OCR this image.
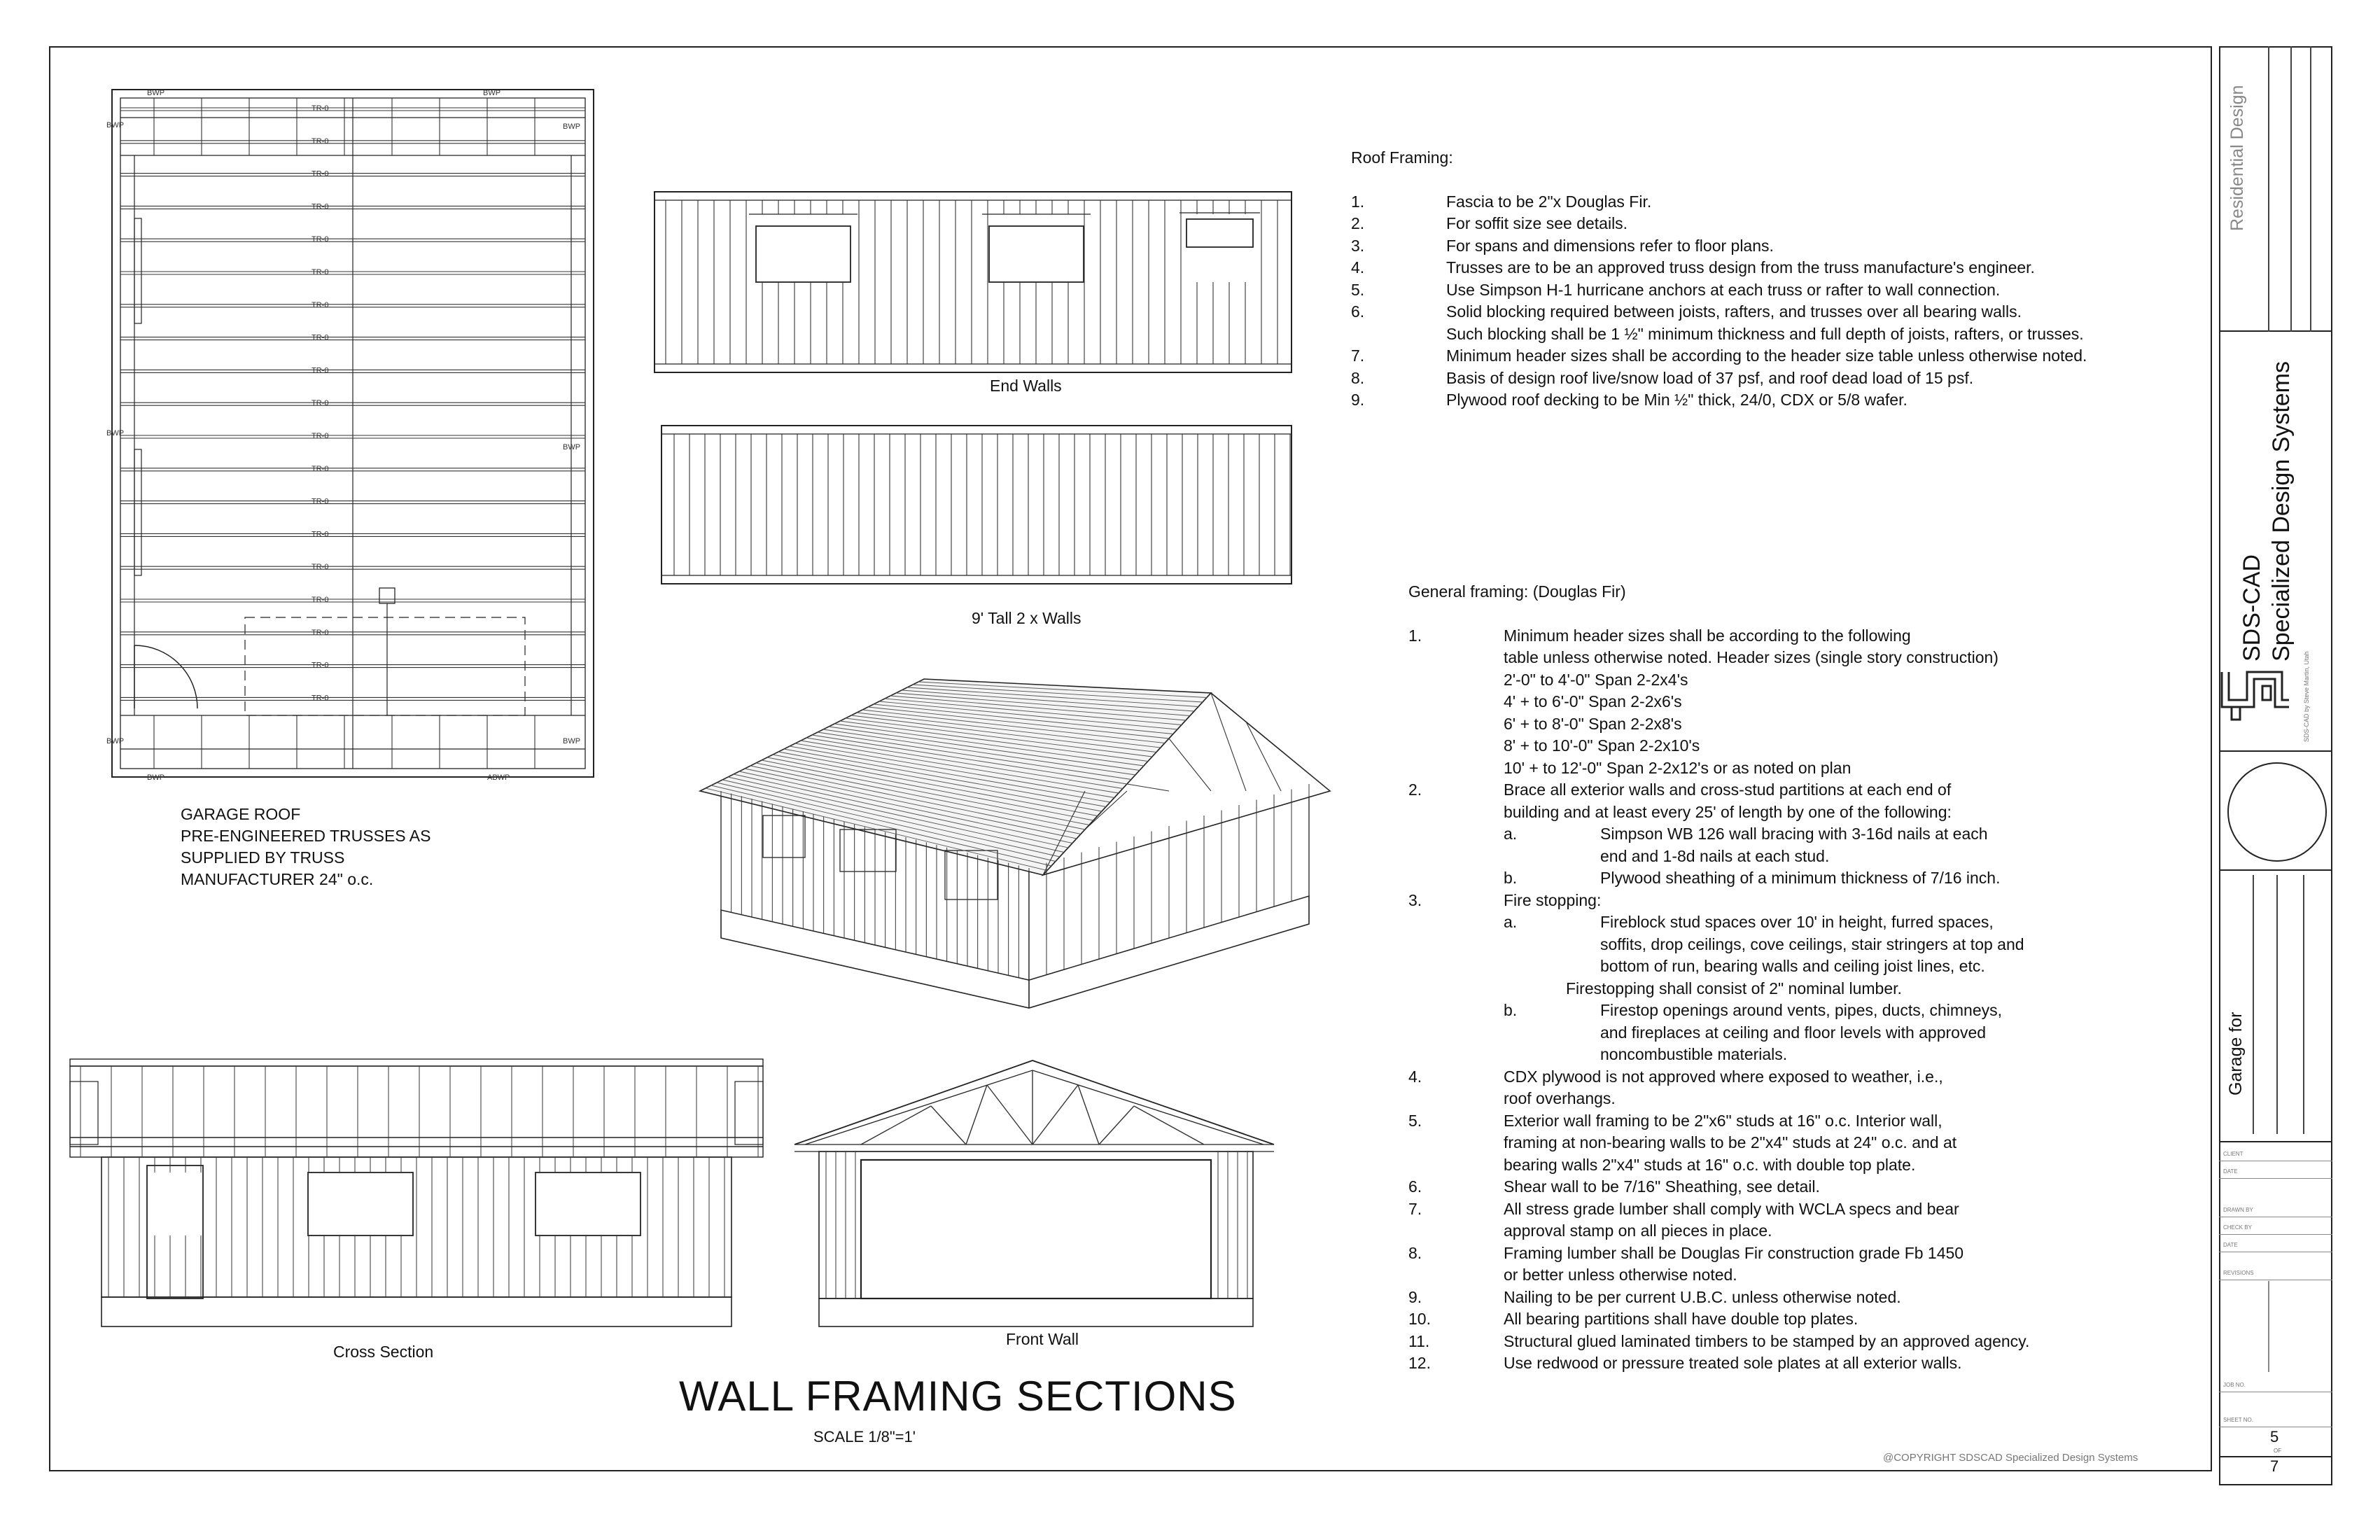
TR-0
TR-0
TR-0
TR-0
TR-0
TR-0
TR-0
TR-0
TR-0
TR-0
TR-0
TR-0
TR-0
TR-0
TR-0
TR-0
TR-0
TR-0
TR-0
BWP	BWP
BWP	BWP
BWP
BWP
BWP	BWP
BWP	ABWP
GARAGE ROOF
PRE-ENGINEERED TRUSSES AS
SUPPLIED BY TRUSS
MANUFACTURER 24" o.c.
End Walls
9' Tall 2 x Walls
Cross Section
Front Wall
WALL FRAMING SECTIONS
SCALE 1/8"=1'
Roof Framing:
1.	Fascia to be 2"x Douglas Fir.
2.	For soffit size see details.
3.	For spans and dimensions refer to floor plans.
4.	Trusses are to be an approved truss design from the truss manufacture's engineer.
5.	Use Simpson H-1 hurricane anchors at each truss or rafter to wall connection.
6.	Solid blocking required between joists, rafters, and trusses over all bearing walls.
Such blocking shall be 1 ½" minimum thickness and full depth of joists, rafters, or trusses.
7.	Minimum header sizes shall be according to the header size table unless otherwise noted.
8.	Basis of design roof live/snow load of 37 psf, and roof dead load of 15 psf.
9.	Plywood roof decking to be Min ½" thick, 24/0, CDX or 5/8 wafer.
General framing: (Douglas Fir)
1.	Minimum header sizes shall be according to the following
table unless otherwise noted. Header sizes (single story construction)
2'-0" to 4'-0" Span 2-2x4's
4' + to 6'-0" Span 2-2x6's
6' + to 8'-0" Span 2-2x8's
8' + to 10'-0" Span 2-2x10's
10' + to 12'-0" Span 2-2x12's or as noted on plan
2.	Brace all exterior walls and cross-stud partitions at each end of
building and at least every 25' of length by one of the following:
a.	Simpson WB 126 wall bracing with 3-16d nails at each
end and 1-8d nails at each stud.
b.	Plywood sheathing of a minimum thickness of 7/16 inch.
3.	Fire stopping:
a.	Fireblock stud spaces over 10' in height, furred spaces,
soffits, drop ceilings, cove ceilings, stair stringers at top and
bottom of run, bearing walls and ceiling joist lines, etc.
Firestopping shall consist of 2" nominal lumber.
b.	Firestop openings around vents, pipes, ducts, chimneys,
and fireplaces at ceiling and floor levels with approved
noncombustible materials.
4.	CDX plywood is not approved where exposed to weather, i.e.,
roof overhangs.
5.	Exterior wall framing to be 2"x6" studs at 16" o.c. Interior wall,
framing at non-bearing walls to be 2"x4" studs at 24" o.c. and at
bearing walls 2"x4" studs at 16" o.c. with double top plate.
6.	Shear wall to be 7/16" Sheathing, see detail.
7.	All stress grade lumber shall comply with WCLA specs and bear
approval stamp on all pieces in place.
8.	Framing lumber shall be Douglas Fir construction grade Fb 1450
or better unless otherwise noted.
9.	Nailing to be per current U.B.C. unless otherwise noted.
10.	All bearing partitions shall have double top plates.
11.	Structural glued laminated timbers to be stamped by an approved agency.
12.	Use redwood or pressure treated sole plates at all exterior walls.
@COPYRIGHT SDSCAD Specialized Design Systems
Residential Design
SDS-CAD Specialized Design Systems
SDS-CAD by Steve Martin, Utah
Garage for
CLIENT
DATE
DRAWN BY
CHECK BY
DATE
REVISIONS
JOB NO.
SHEET NO.
5
OF
7
